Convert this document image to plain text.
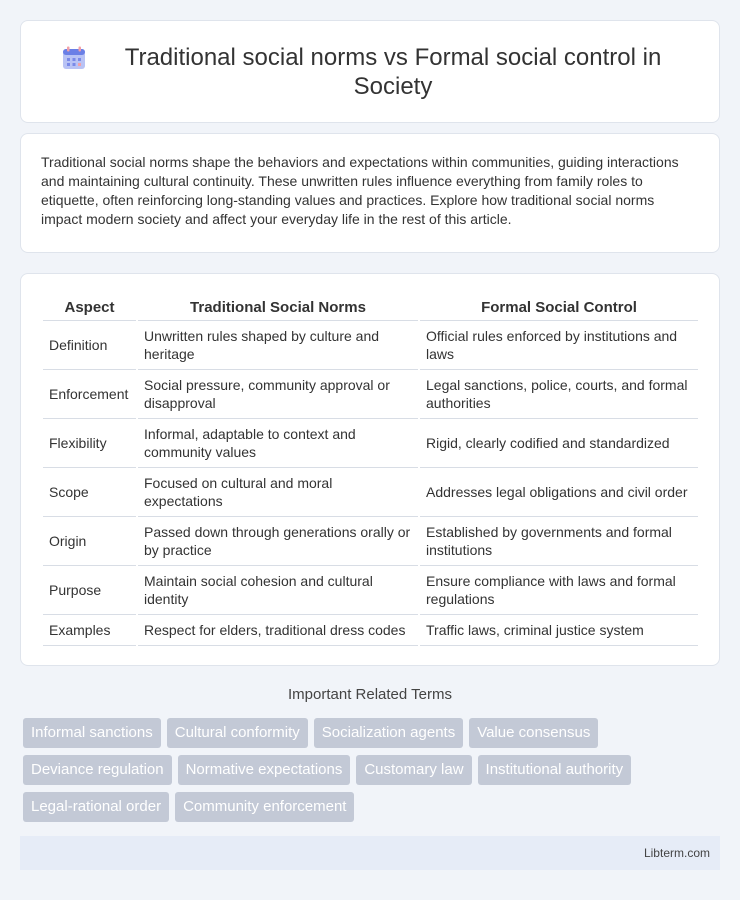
Traditional social norms vs Formal social control in Society

Traditional social norms shape the behaviors and expectations within communities, guiding interactions and maintaining cultural continuity. These unwritten rules influence everything from family roles to etiquette, often reinforcing long-standing values and practices. Explore how traditional social norms impact modern society and affect your everyday life in the rest of this article.

Aspect	Traditional Social Norms	Formal Social Control
Definition	Unwritten rules shaped by culture and heritage	Official rules enforced by institutions and laws
Enforcement	Social pressure, community approval or disapproval	Legal sanctions, police, courts, and formal authorities
Flexibility	Informal, adaptable to context and community values	Rigid, clearly codified and standardized
Scope	Focused on cultural and moral expectations	Addresses legal obligations and civil order
Origin	Passed down through generations orally or by practice	Established by governments and formal institutions
Purpose	Maintain social cohesion and cultural identity	Ensure compliance with laws and formal regulations
Examples	Respect for elders, traditional dress codes	Traffic laws, criminal justice system
Important Related Terms
Informal sanctions	Cultural conformity	Socialization agents	Value consensus
Deviance regulation	Normative expectations	Customary law	Institutional authority
Legal-rational order	Community enforcement
Libterm.com
